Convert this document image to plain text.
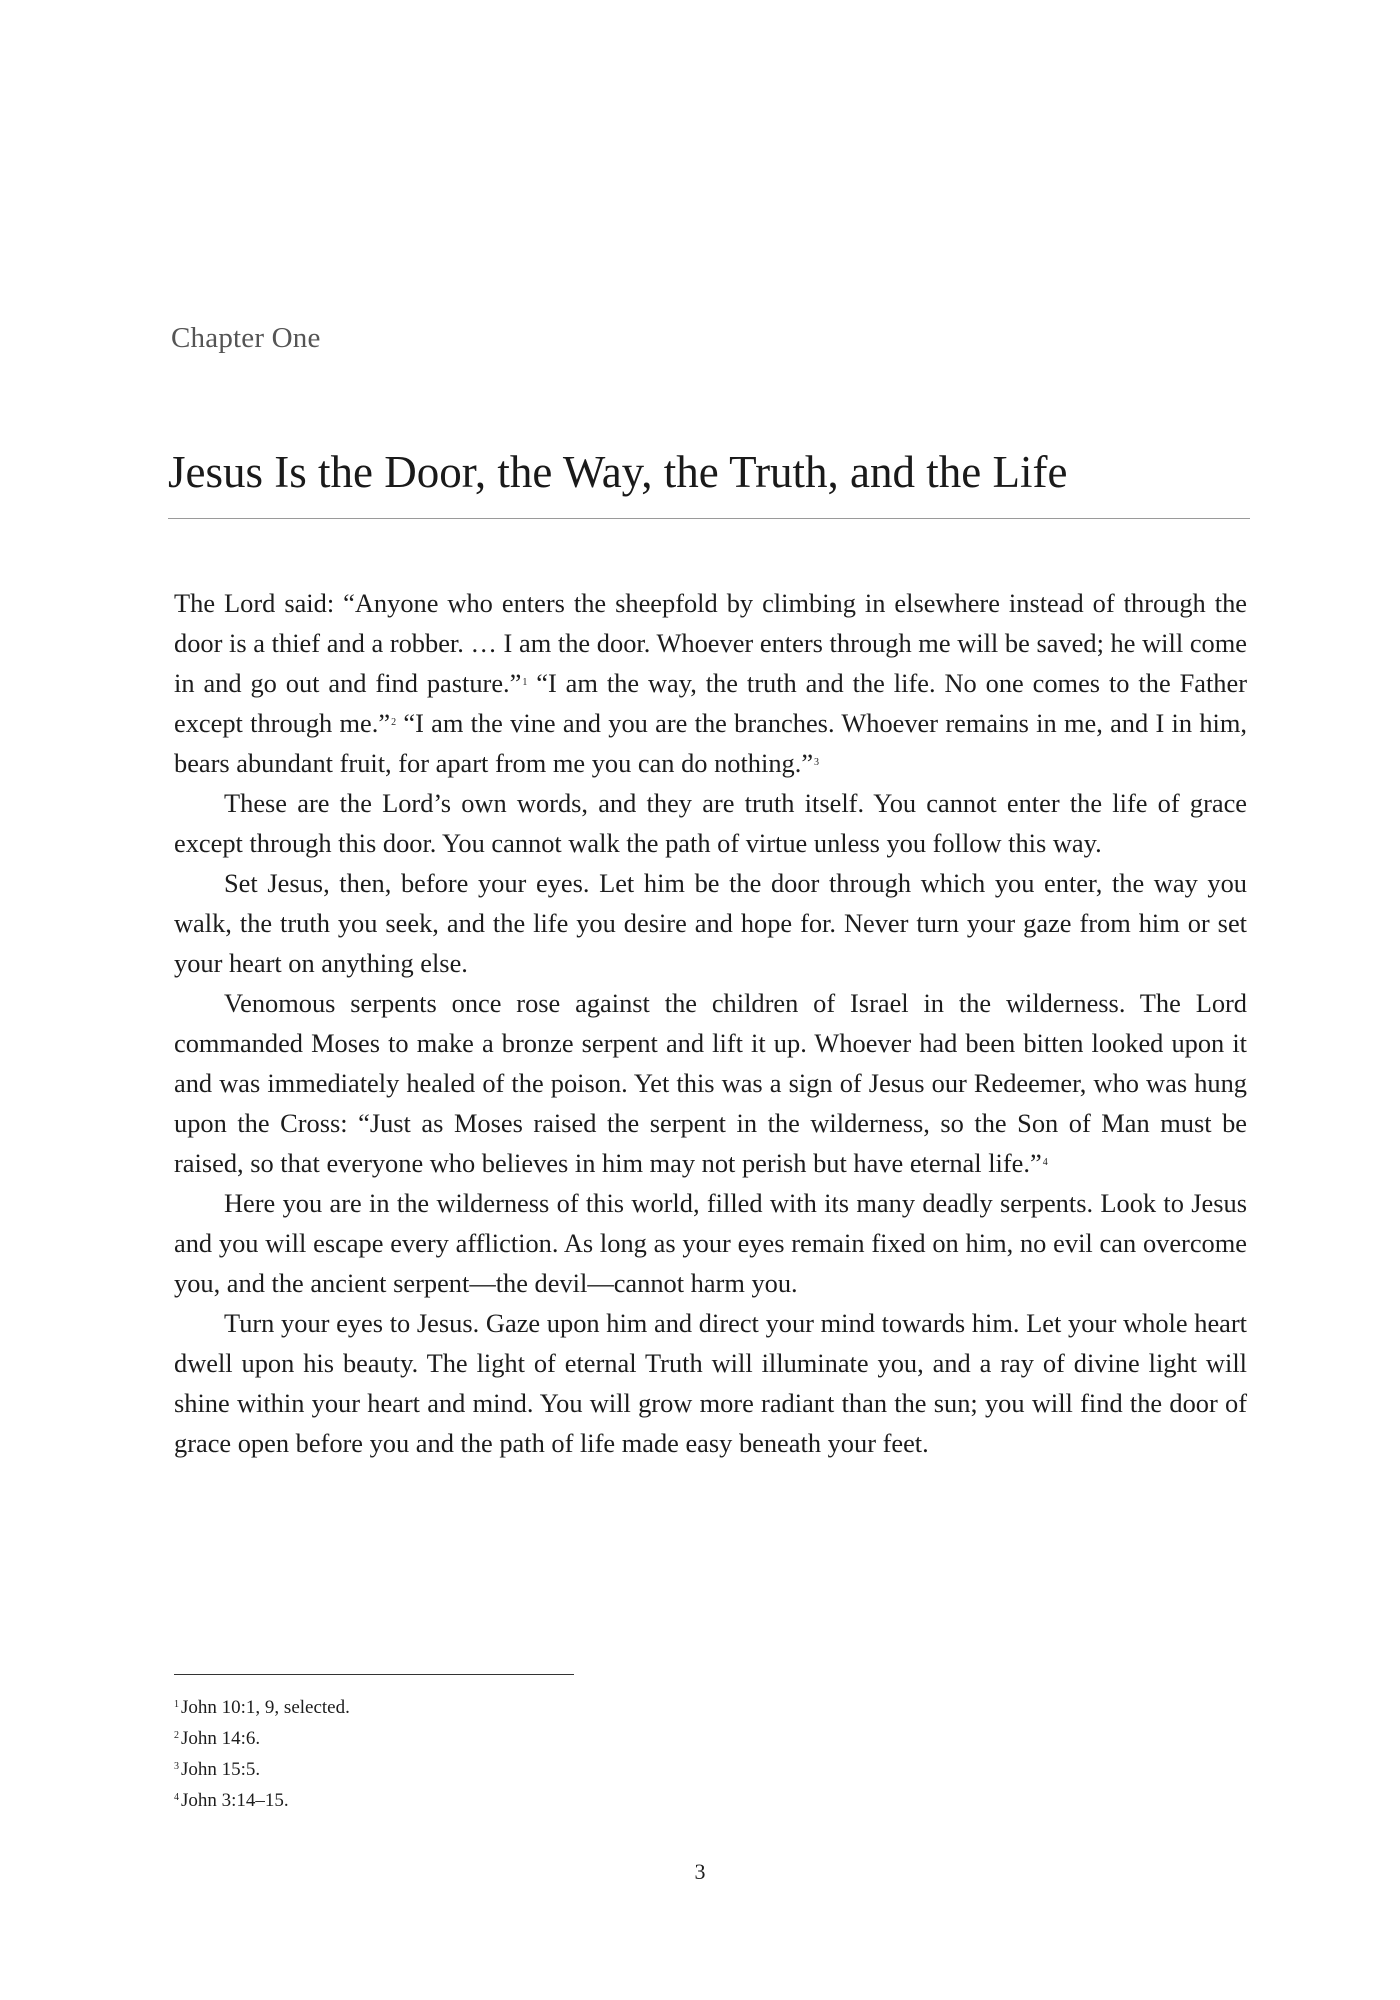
Chapter One
Jesus Is the Door, the Way, the Truth, and the Life

The Lord said: “Anyone who enters the sheepfold by climbing in elsewhere instead of through the door is a thief and a robber. … I am the door. Whoever enters through me will be saved; he will come in and go out and find pasture.”$^1$ “I am the way, the truth and the life. No one comes to the Father except through me.”$^2$ “I am the vine and you are the branches. Whoever remains in me, and I in him, bears abundant fruit, for apart from me you can do nothing.”$^3$

These are the Lord’s own words, and they are truth itself. You cannot enter the life of grace except through this door. You cannot walk the path of virtue unless you follow this way.

Set Jesus, then, before your eyes. Let him be the door through which you enter, the way you walk, the truth you seek, and the life you desire and hope for. Never turn your gaze from him or set your heart on anything else.

Venomous serpents once rose against the children of Israel in the wilderness. The Lord commanded Moses to make a bronze serpent and lift it up. Whoever had been bitten looked upon it and was immediately healed of the poison. Yet this was a sign of Jesus our Redeemer, who was hung upon the Cross: “Just as Moses raised the serpent in the wilderness, so the Son of Man must be raised, so that everyone who believes in him may not perish but have eternal life.”$^4$

Here you are in the wilderness of this world, filled with its many deadly serpents. Look to Jesus and you will escape every affliction. As long as your eyes remain fixed on him, no evil can overcome you, and the ancient serpent—the devil—cannot harm you.

Turn your eyes to Jesus. Gaze upon him and direct your mind towards him. Let your whole heart dwell upon his beauty. The light of eternal Truth will illuminate you, and a ray of divine light will shine within your heart and mind. You will grow more radiant than the sun; you will find the door of grace open before you and the path of life made easy beneath your feet.

$^1$ John 10:1, 9, selected.

$^2$ John 14:6.

$^3$ John 15:5.

$^4$ John 3:14–15.

3
